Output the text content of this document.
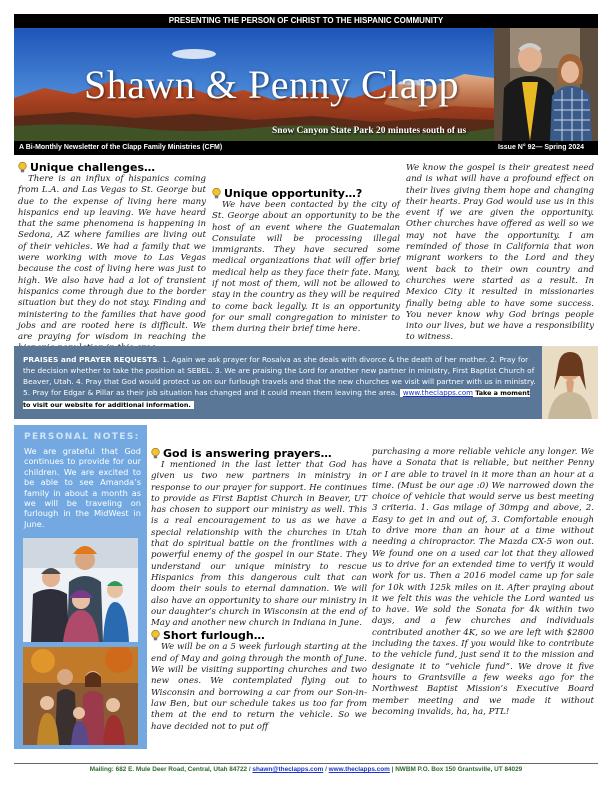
PRESENTING THE PERSON OF CHRIST TO THE HISPANIC COMMUNITY
Shawn & Penny Clapp
Snow Canyon State Park 20 minutes south of us
A Bi-Monthly Newsletter of the Clapp Family Ministries (CFM)	Issue N° 92— Spring 2024
Unique challenges…

There is an influx of hispanics coming from L.A. and Las Vegas to St. George but due to the expense of living here many hispanics end up leaving. We have heard that the same phenomena is happening in Sedona, AZ where families are living out of their vehicles. We had a family that we were working with move to Las Vegas because the cost of living here was just to high. We also have had a lot of transient hispanics come through due to the border situation but they do not stay. Finding and ministering to the families that have good jobs and are rooted here is difficult. We are praying for wisdom in reaching the

Unique opportunity…?

We have been contacted by the city of St. George about an opportunity to be the host of an event where the Guatemalan Consulate will be processing illegal immigrants. They have secured some medical organizations that will offer brief medical help as they face their fate. Many, if not most of them, will not be allowed to stay in the country as they will be required to come back legally. It is an opportunity for our small congregation to minister to them during their brief time here.

We know the gospel is their greatest need and is what will have a profound effect on their lives giving them hope and changing their hearts. Pray God would use us in this event if we are given the opportunity. Other churches have offered as well so we may not have the opportunity. I am reminded of those in California that won migrant workers to the Lord and they went back to their own country and churches were started as a result. In Mexico City it resulted in missionaries finally being able to have some success. You never know why God brings people into our lives, but we have a responsibility to witness.

PRAISES and PRAYER REQUESTS. 1. Again we ask prayer for Rosalva as she deals with divorce & the death of her mother. 2. Pray for the decision whether to take the position at SEBEL. 3. We are praising the Lord for another new partner in ministry, First Baptist Church of Beaver, Utah. 4. Pray that God would protect us on our furlough travels and that the new churches we visit will partner with us in ministry. 5. Pray for Edgar & Pillar as their job situation has changed and it could mean them leaving the area. www.theclapps.com Take a moment to visit our website for additional information.
PERSONAL NOTES:
We are grateful that God continues to provide for our children. We are excited to be able to see Amanda’s family in about a month as we will be traveling on furlough in the MidWest in June.
God is answering prayers…

I mentioned in the last letter that God has given us two new partners in ministry in response to our prayer for support. He continues to provide as First Baptist Church in Beaver, UT has chosen to support our ministry as well. This is a real encouragement to us as we have a special relationship with the churches in Utah that do spiritual battle on the frontlines with a powerful enemy of the gospel in our State. They understand our unique ministry to rescue Hispanics from this dangerous cult that can doom their souls to eternal damnation. We will also have an opportunity to share our ministry in our daughter’s church in Wisconsin at the end of May and another new church in Indiana in June.

Short furlough…

We will be on a 5 week furlough starting at the end of May and going through the month of June. We will be visiting supporting churches and two new ones. We contemplated flying out to Wisconsin and borrowing a car from our Son-in-law Ben, but our schedule takes us too far from them at the end to return the vehicle. So we have decided not to put off

purchasing a more reliable vehicle any longer. We have a Sonata that is reliable, but neither Penny or I are able to travel in it more than an hour at a time. (Must be our age :0) We narrowed down the choice of vehicle that would serve us best meeting 3 criteria. 1. Gas milage of 30mpg and above, 2. Easy to get in and out of, 3. Comfortable enough to drive more than an hour at a time without needing a chiropractor. The Mazda CX-5 won out. We found one on a used car lot that they allowed us to drive for an extended time to verify it would work for us. Then a 2016 model came up for sale for 10k with 125k miles on it. After praying about it we felt this was the vehicle the Lord wanted us to have. We sold the Sonata for 4k within two days, and a few churches and individuals contributed another 4K, so we are left with $2800 including the taxes. If you would like to contribute to the vehicle fund, just send it to the mission and designate it to “vehicle fund”. We drove it five hours to Grantsville a few weeks ago for the Northwest Baptist Mission’s Executive Board member meeting and we made it without becoming invalids, ha, ha, PTL!

Mailing: 682 E. Mule Deer Road, Central, Utah 84722 / shawn@theclapps.com / www.theclapps.com | NWBM P.O. Box 150 Grantsville, UT 84029
